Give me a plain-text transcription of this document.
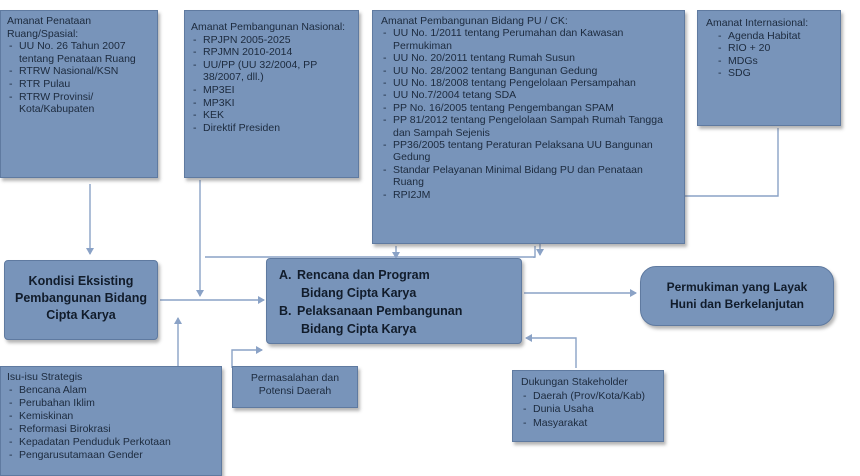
Amanat Penataan Ruang/Spasial:
- UU No. 26 Tahun 2007 tentang Penataan Ruang
- RTRW Nasional/KSN
- RTR Pulau
- RTRW Provinsi/ Kota/Kabupaten
Amanat Pembangunan Nasional:
- RPJPN 2005-2025
- RPJMN 2010-2014
- UU/PP (UU 32/2004, PP 38/2007, dll.)
- MP3EI
- MP3KI
- KEK
- Direktif Presiden
Amanat Pembangunan Bidang PU / CK:
- UU No. 1/2011 tentang Perumahan dan Kawasan Permukiman
- UU No. 20/2011 tentang Rumah Susun
- UU No. 28/2002 tentang Bangunan Gedung
- UU No. 18/2008 tentang Pengelolaan Persampahan
- UU No.7/2004 tetang SDA
- PP No. 16/2005 tentang Pengembangan SPAM
- PP 81/2012 tentang Pengelolaan Sampah Rumah Tangga dan Sampah Sejenis
- PP36/2005 tentang Peraturan Pelaksana UU Bangunan Gedung
- Standar Pelayanan Minimal Bidang PU dan Penataan Ruang
- RPI2JM
Amanat Internasional:
- Agenda Habitat
- RIO + 20
- MDGs
- SDG
Kondisi Eksisting Pembangunan Bidang Cipta Karya
A. Rencana dan Program
Bidang Cipta Karya
B. Pelaksanaan Pembangunan
Bidang Cipta Karya
Permukiman yang Layak Huni dan Berkelanjutan
Isu-isu Strategis
- Bencana Alam
- Perubahan Iklim
- Kemiskinan
- Reformasi Birokrasi
- Kepadatan Penduduk Perkotaan
- Pengarusutamaan Gender
Permasalahan dan Potensi Daerah
Dukungan Stakeholder
- Daerah (Prov/Kota/Kab)
- Dunia Usaha
- Masyarakat
